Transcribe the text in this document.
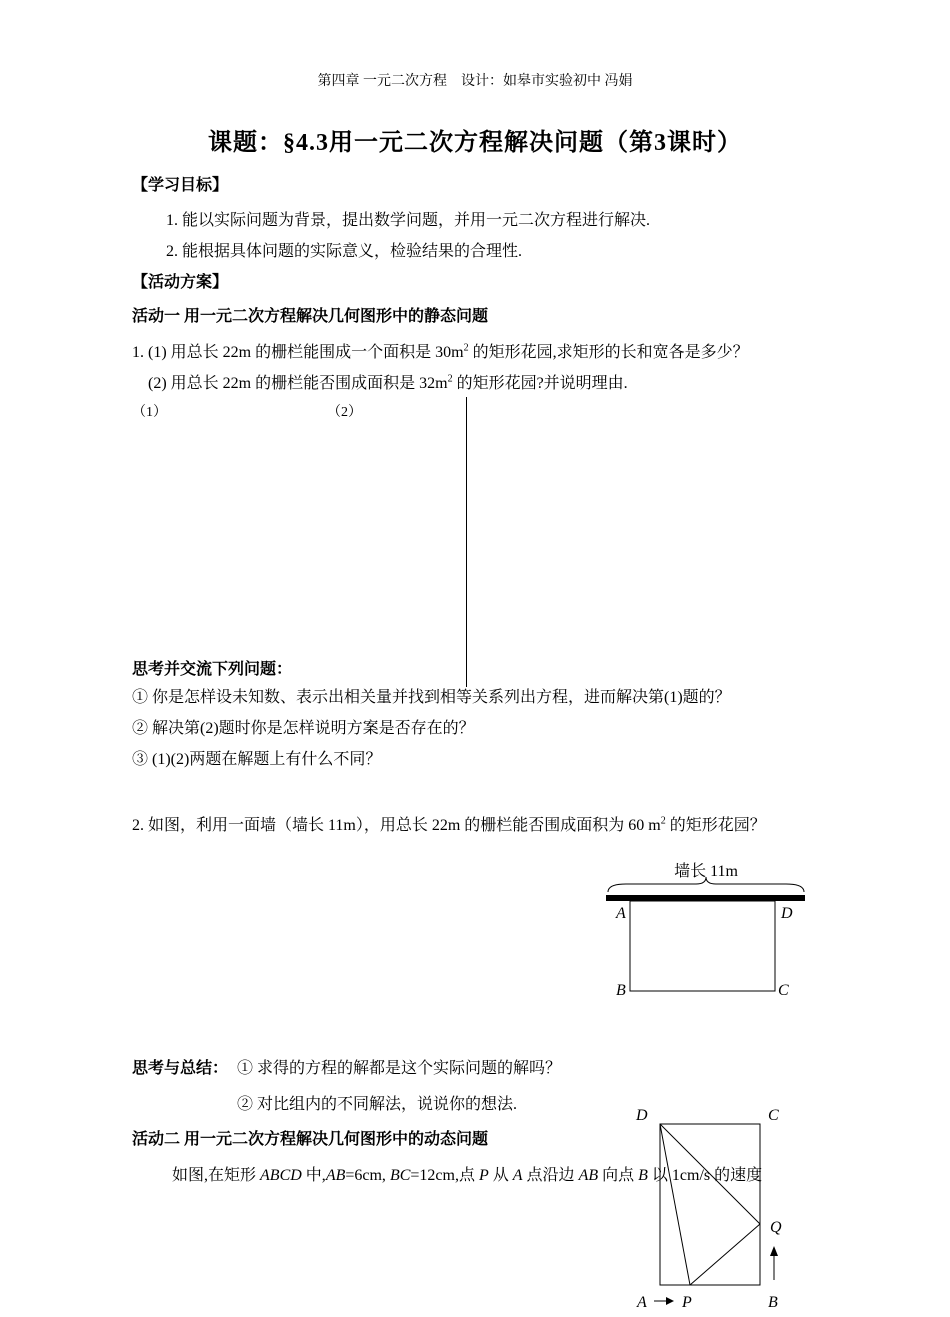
第四章 一元二次方程　设计：如皋市实验初中 冯娟
课题：§4.3用一元二次方程解决问题（第3课时）
【学习目标】
1. 能以实际问题为背景，提出数学问题，并用一元二次方程进行解决.
2. 能根据具体问题的实际意义，检验结果的合理性.
【活动方案】
活动一 用一元二次方程解决几何图形中的静态问题
1. (1) 用总长 22m 的栅栏能围成一个面积是 $30m^2$ 的矩形花园,求矩形的长和宽各是多少？
(2) 用总长 22m 的栅栏能否围成面积是 $32m^2$ 的矩形花园?并说明理由.
（1）	（2）
思考并交流下列问题：
① 你是怎样设未知数、表示出相关量并找到相等关系列出方程，进而解决第(1)题的？
② 解决第(2)题时你是怎样说明方案是否存在的？
③ (1)(2)两题在解题上有什么不同？
2. 如图，利用一面墙（墙长 11m），用总长 22m 的栅栏能否围成面积为 60 $m^2$ 的矩形花园？
墙长 11m
A	D
B	C
思考与总结： ① 求得的方程的解都是这个实际问题的解吗？
② 对比组内的不同解法，说说你的想法.
活动二 用一元二次方程解决几何图形中的动态问题
D	C
Q
A P	B
如图,在矩形 ABCD 中,AB=6cm, BC=12cm,点 P 从 A 点沿边 AB 向点 B 以 1cm/s 的速度
